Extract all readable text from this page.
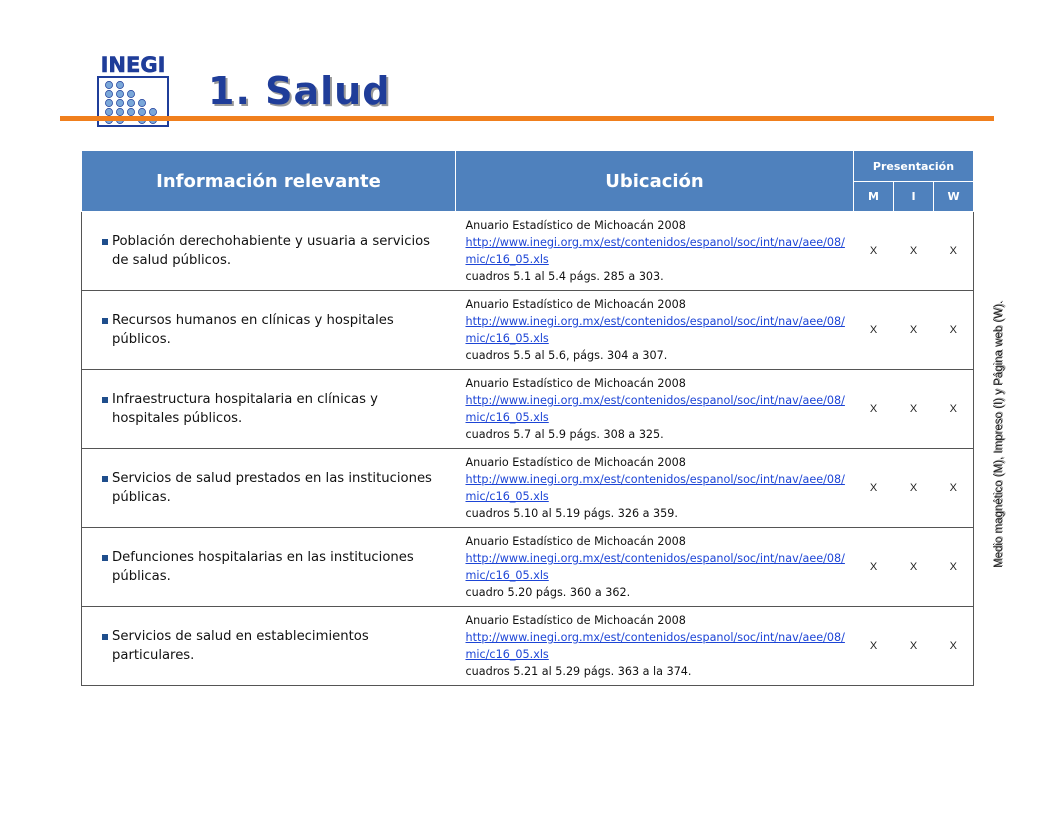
INEGI
1. Salud
Medio magnético (M), Impreso (I) y Página web (W).
Información relevante	Ubicación	Presentación		
		M	I	W

Población derechohabiente y usuaria a servicios de salud públicos.	Anuario Estadístico de Michoacán 2008
http://www.inegi.org.mx/est/contenidos/espanol/soc/int/nav/aee/08/mic/c16_05.xls
cuadros 5.1 al 5.4 págs. 285 a 303.	X	X	X

Recursos humanos en clínicas y hospitales públicos.	Anuario Estadístico de Michoacán 2008
http://www.inegi.org.mx/est/contenidos/espanol/soc/int/nav/aee/08/mic/c16_05.xls
cuadros 5.5 al 5.6, págs. 304 a 307.	X	X	X

Infraestructura hospitalaria en clínicas y hospitales públicos.	Anuario Estadístico de Michoacán 2008
http://www.inegi.org.mx/est/contenidos/espanol/soc/int/nav/aee/08/mic/c16_05.xls
cuadros 5.7 al 5.9 págs. 308 a 325.	X	X	X

Servicios de salud prestados en las instituciones públicas.	Anuario Estadístico de Michoacán 2008
http://www.inegi.org.mx/est/contenidos/espanol/soc/int/nav/aee/08/mic/c16_05.xls
cuadros 5.10 al 5.19 págs. 326 a 359.	X	X	X

Defunciones hospitalarias en las instituciones públicas.	Anuario Estadístico de Michoacán 2008
http://www.inegi.org.mx/est/contenidos/espanol/soc/int/nav/aee/08/mic/c16_05.xls
cuadro 5.20 págs. 360 a 362.	X	X	X

Servicios de salud en establecimientos particulares.	Anuario Estadístico de Michoacán 2008
http://www.inegi.org.mx/est/contenidos/espanol/soc/int/nav/aee/08/mic/c16_05.xls
cuadros 5.21 al 5.29 págs. 363 a la 374.	X	X	X
